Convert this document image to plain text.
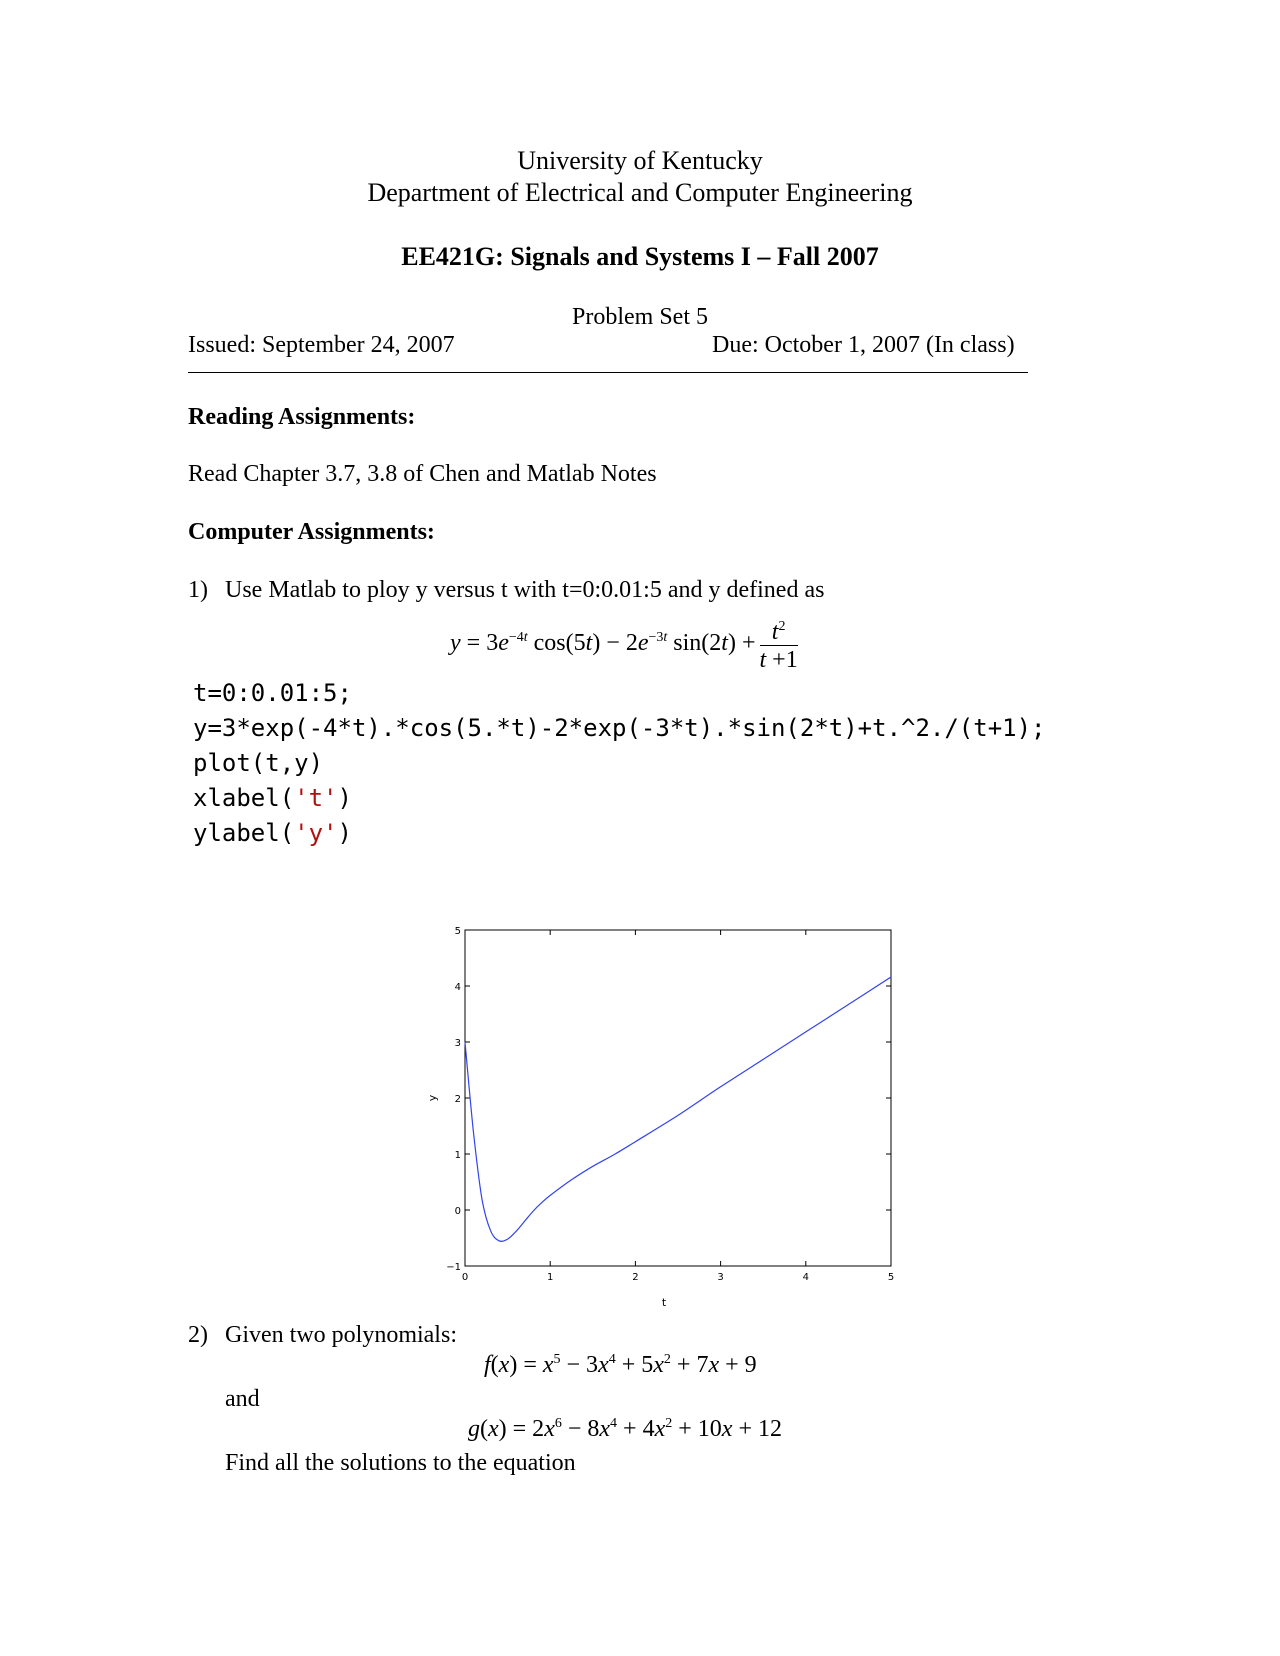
University of Kentucky
Department of Electrical and Computer Engineering
EE421G: Signals and Systems I – Fall 2007
Problem Set 5
Issued: September 24, 2007	Due: October 1, 2007 (In class)
Reading Assignments:
Read Chapter 3.7, 3.8 of Chen and Matlab Notes
Computer Assignments:
1) Use Matlab to ploy y versus t with t=0:0.01:5 and y defined as
$y = 3e^{-4t}$ $\cos(5t) - 2e^{-3t}$ $\sin(2t) + \frac{t^2}{t +1}$
t=0:0.01:5;
y=3*exp(-4*t).*cos(5.*t)-2*exp(-3*t).*sin(2*t)+t.^2./(t+1);
plot(t,y)
xlabel('t')
ylabel('y')
0	1	2	3	4	5
−1
0
1
2
3
4
5
t
y
2) Given two polynomials:
$f(x) = x^5 - 3x^4 + 5x^2 + 7x + 9$
and
$g(x) = 2x^6 - 8x^4 + 4x^2 + 10x + 12$
Find all the solutions to the equation
